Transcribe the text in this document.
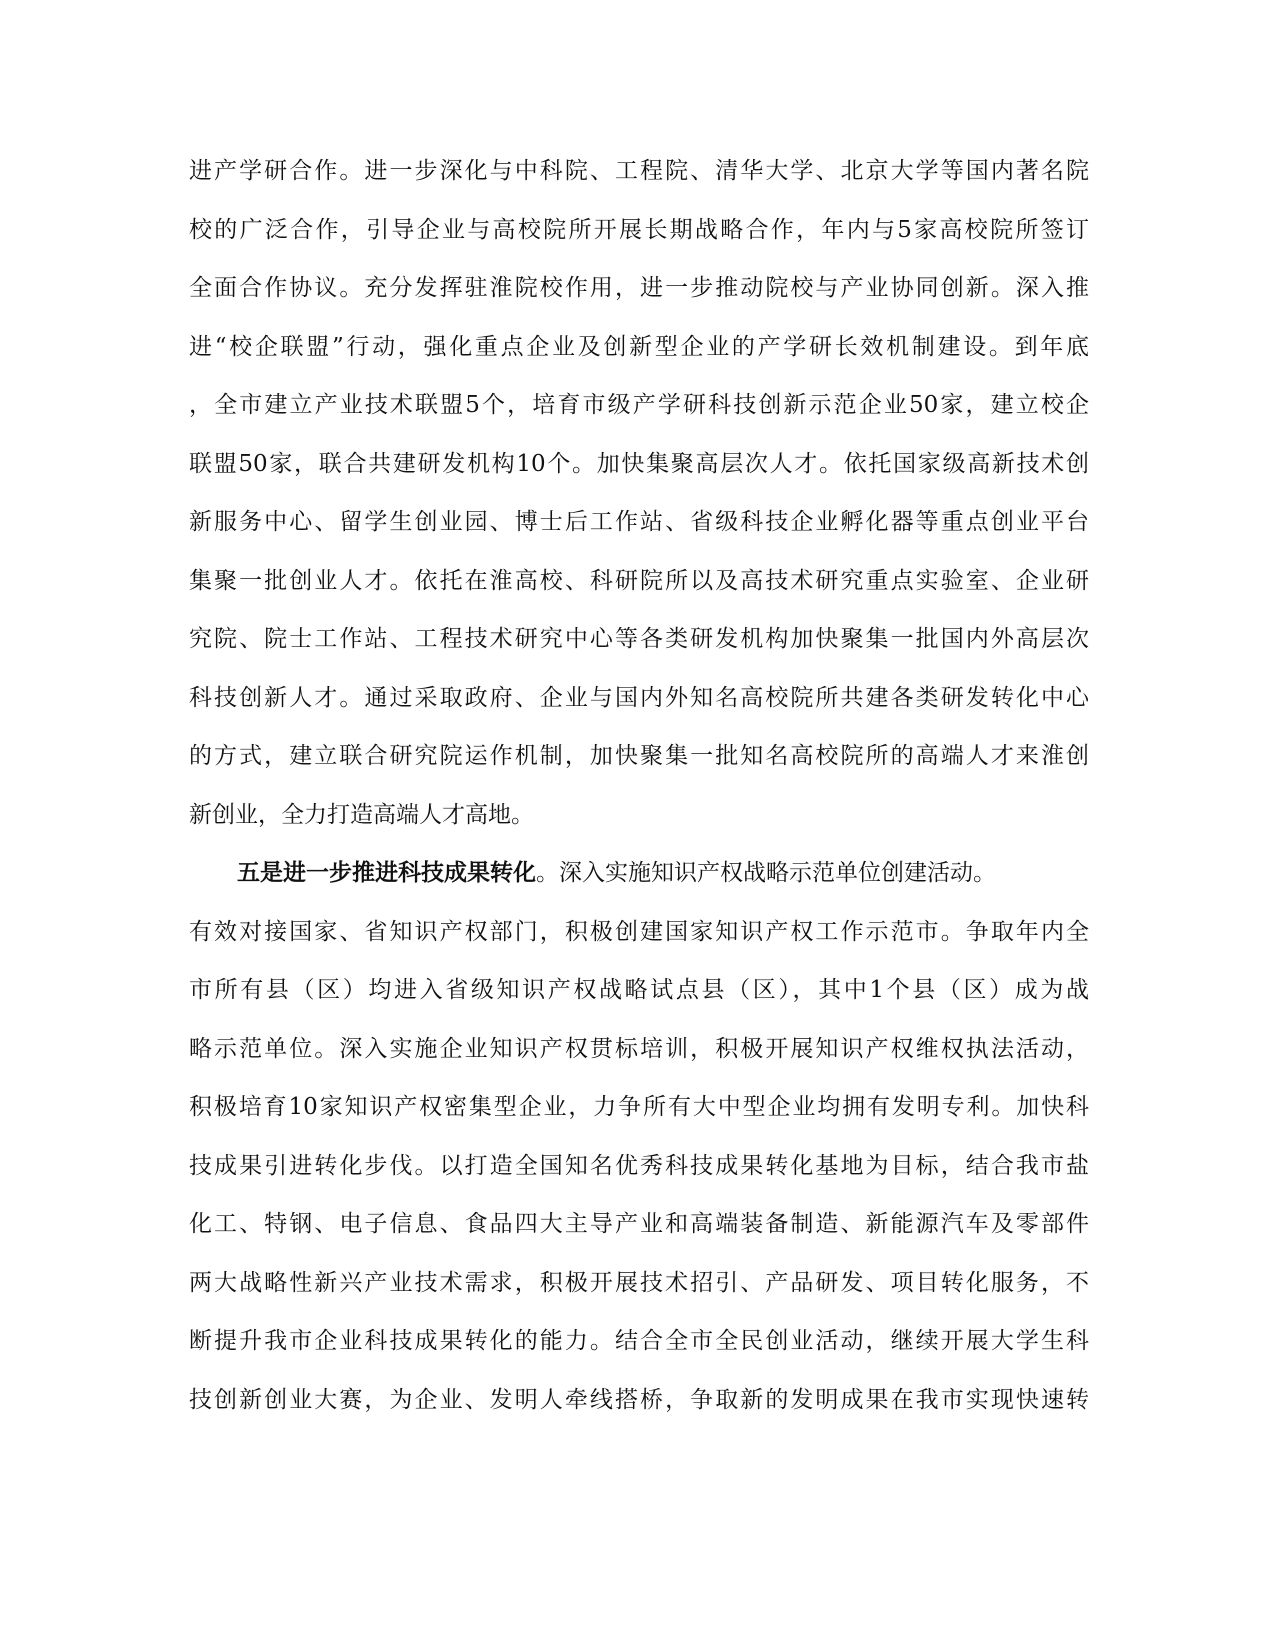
进产学研合作。进一步深化与中科院、工程院、清华大学、北京大学等国内著名院
校的广泛合作，引导企业与高校院所开展长期战略合作，年内与5家高校院所签订
全面合作协议。充分发挥驻淮院校作用，进一步推动院校与产业协同创新。深入推
进“校企联盟”行动，强化重点企业及创新型企业的产学研长效机制建设。到年底
，全市建立产业技术联盟5个，培育市级产学研科技创新示范企业50家，建立校企
联盟50家，联合共建研发机构10个。加快集聚高层次人才。依托国家级高新技术创
新服务中心、留学生创业园、博士后工作站、省级科技企业孵化器等重点创业平台
集聚一批创业人才。依托在淮高校、科研院所以及高技术研究重点实验室、企业研
究院、院士工作站、工程技术研究中心等各类研发机构加快聚集一批国内外高层次
科技创新人才。通过采取政府、企业与国内外知名高校院所共建各类研发转化中心
的方式，建立联合研究院运作机制，加快聚集一批知名高校院所的高端人才来淮创
新创业，全力打造高端人才高地。
五是进一步推进科技成果转化。深入实施知识产权战略示范单位创建活动。
有效对接国家、省知识产权部门，积极创建国家知识产权工作示范市。争取年内全
市所有县（区）均进入省级知识产权战略试点县（区），其中1个县（区）成为战
略示范单位。深入实施企业知识产权贯标培训，积极开展知识产权维权执法活动，
积极培育10家知识产权密集型企业，力争所有大中型企业均拥有发明专利。加快科
技成果引进转化步伐。以打造全国知名优秀科技成果转化基地为目标，结合我市盐
化工、特钢、电子信息、食品四大主导产业和高端装备制造、新能源汽车及零部件
两大战略性新兴产业技术需求，积极开展技术招引、产品研发、项目转化服务，不
断提升我市企业科技成果转化的能力。结合全市全民创业活动，继续开展大学生科
技创新创业大赛，为企业、发明人牵线搭桥，争取新的发明成果在我市实现快速转
